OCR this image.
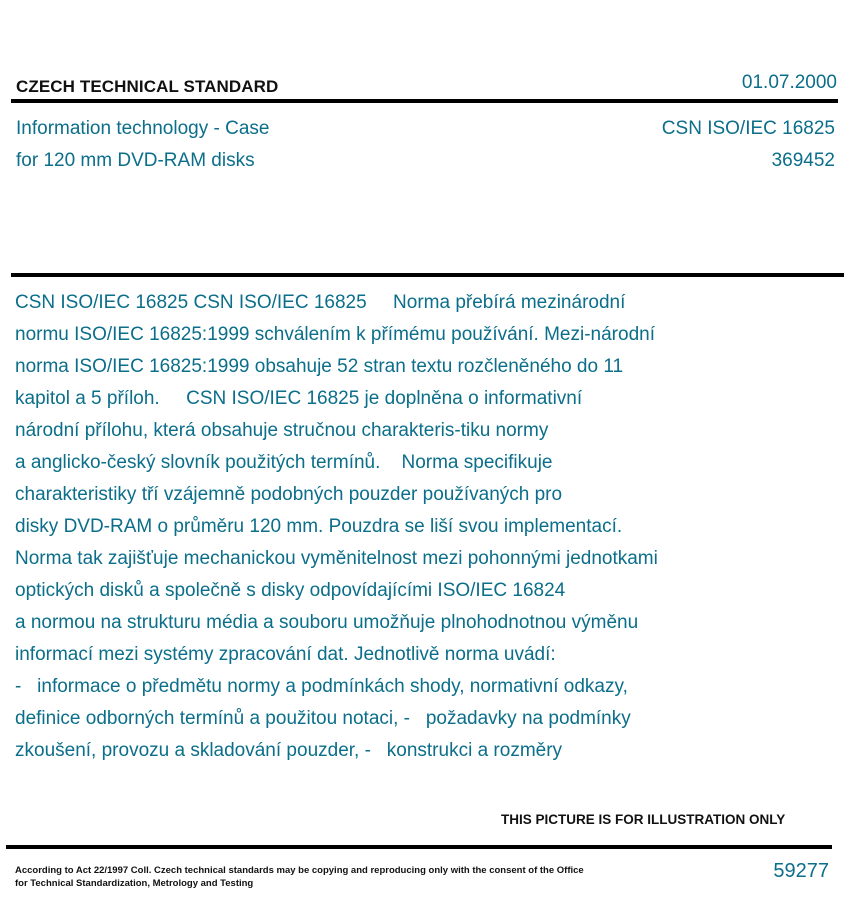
CZECH TECHNICAL STANDARD	01.07.2000
Information technology - Case
for 120 mm DVD-RAM disks
CSN ISO/IEC 16825
369452
CSN ISO/IEC 16825 CSN ISO/IEC 16825     Norma přebírá mezinárodní
normu ISO/IEC 16825:1999 schválením k přímému používání. Mezi-národní
norma ISO/IEC 16825:1999 obsahuje 52 stran textu rozčleněného do 11
kapitol a 5 příloh.     CSN ISO/IEC 16825 je doplněna o informativní
národní přílohu, která obsahuje stručnou charakteris-tiku normy
a anglicko-český slovník použitých termínů.    Norma specifikuje
charakteristiky tří vzájemně podobných pouzder používaných pro
disky DVD-RAM o průměru 120 mm. Pouzdra se liší svou implementací.
Norma tak zajišťuje mechanickou vyměnitelnost mezi pohonnými jednotkami
optických disků a společně s disky odpovídajícími ISO/IEC 16824
a normou na strukturu média a souboru umožňuje plnohodnotnou výměnu
informací mezi systémy zpracování dat. Jednotlivě norma uvádí:
-   informace o předmětu normy a podmínkách shody, normativní odkazy,
definice odborných termínů a použitou notaci, -   požadavky na podmínky
zkoušení, provozu a skladování pouzder, -   konstrukci a rozměry
THIS PICTURE IS FOR ILLUSTRATION ONLY
According to Act 22/1997 Coll. Czech technical standards may be copying and reproducing only with the consent of the Office
for Technical Standardization, Metrology and Testing
59277
